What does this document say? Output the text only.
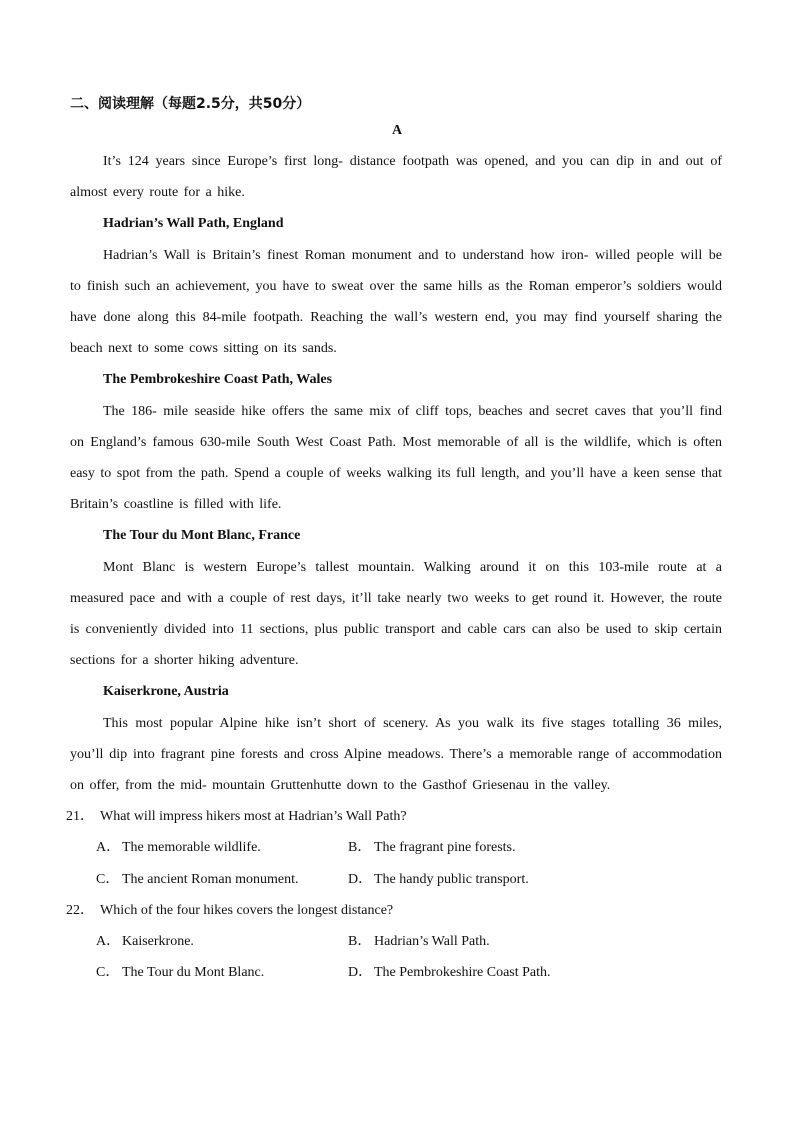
二、阅读理解（每题2.5分，共50分）
A

It’s 124 years since Europe’s first long- distance footpath was opened, and you can dip in and out of almost every route for a hike.

Hadrian’s Wall Path, England

Hadrian’s Wall is Britain’s finest Roman monument and to understand how iron- willed people will be to finish such an achievement, you have to sweat over the same hills as the Roman emperor’s soldiers would have done along this 84-mile footpath. Reaching the wall’s western end, you may find yourself sharing the beach next to some cows sitting on its sands.

The Pembrokeshire Coast Path, Wales

The 186- mile seaside hike offers the same mix of cliff tops, beaches and secret caves that you’ll find on England’s famous 630-mile South West Coast Path. Most memorable of all is the wildlife, which is often easy to spot from the path. Spend a couple of weeks walking its full length, and you’ll have a keen sense that Britain’s coastline is filled with life.

The Tour du Mont Blanc, France

Mont Blanc is western Europe’s tallest mountain. Walking around it on this 103-mile route at a measured pace and with a couple of rest days, it’ll take nearly two weeks to get round it. However, the route is conveniently divided into 11 sections, plus public transport and cable cars can also be used to skip certain sections for a shorter hiking adventure.

Kaiserkrone, Austria

This most popular Alpine hike isn’t short of scenery. As you walk its five stages totalling 36 miles, you’ll dip into fragrant pine forests and cross Alpine meadows. There’s a memorable range of accommodation on offer, from the mid- mountain Gruttenhutte down to the Gasthof Griesenau in the valley.

21． What will impress hikers most at Hadrian’s Wall Path?

A． The memorable wildlife.	B． The fragrant pine forests.
C． The ancient Roman monument.	D． The handy public transport.

22． Which of the four hikes covers the longest distance?

A． Kaiserkrone.	B． Hadrian’s Wall Path.
C． The Tour du Mont Blanc.	D． The Pembrokeshire Coast Path.
